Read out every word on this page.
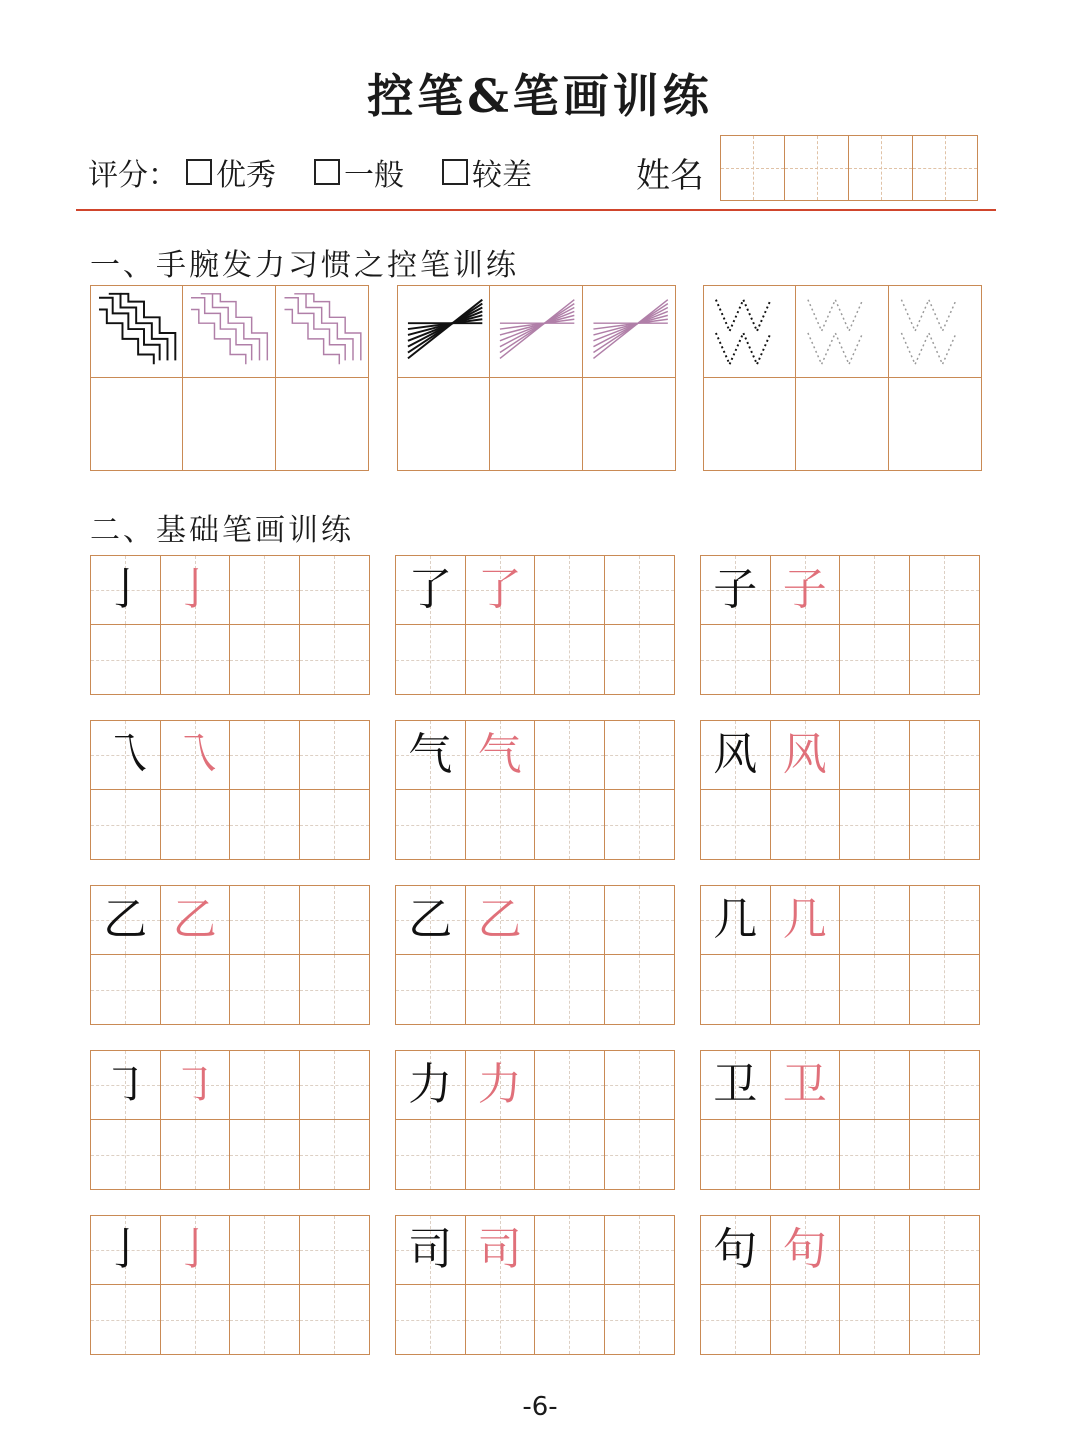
控笔&笔画训练
评分： 优秀 一般 较差	姓名
一、手腕发力习惯之控笔训练
二、基础笔画训练
亅 亅	了 了	子 子
乁 乁	气 气	风 风
乙 乙	乙 乙	几 几
㇆ ㇆	力 力	卫 卫
亅 亅	司 司	句 句
-6-
